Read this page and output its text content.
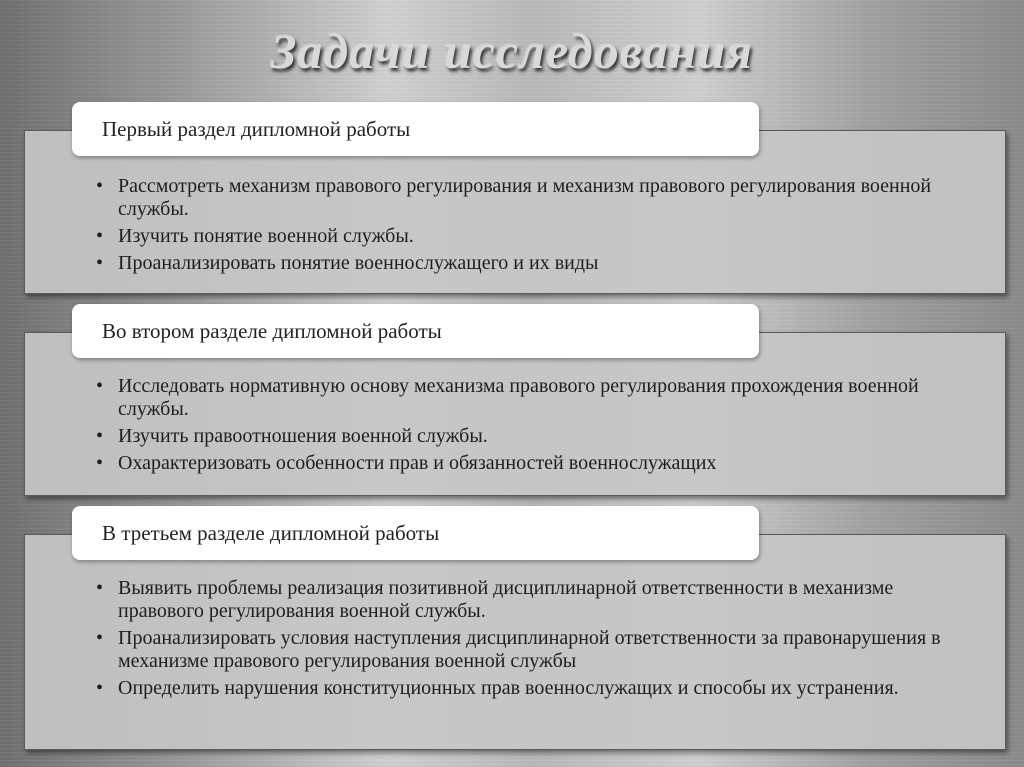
Задачи исследования
Первый раздел дипломной работы
• Рассмотреть механизм правового регулирования и механизм правового регулирования военной службы.
• Изучить понятие военной службы.
• Проанализировать понятие военнослужащего и их виды
Во втором разделе дипломной работы
• Исследовать нормативную основу механизма правового регулирования прохождения военной службы.
• Изучить правоотношения военной службы.
• Охарактеризовать особенности прав и обязанностей военнослужащих
В третьем разделе дипломной работы
• Выявить проблемы реализация позитивной дисциплинарной ответственности в механизме правового регулирования военной службы.
• Проанализировать условия наступления дисциплинарной ответственности за правонарушения в механизме правового регулирования военной службы
• Определить нарушения конституционных прав военнослужащих и способы их устранения.
